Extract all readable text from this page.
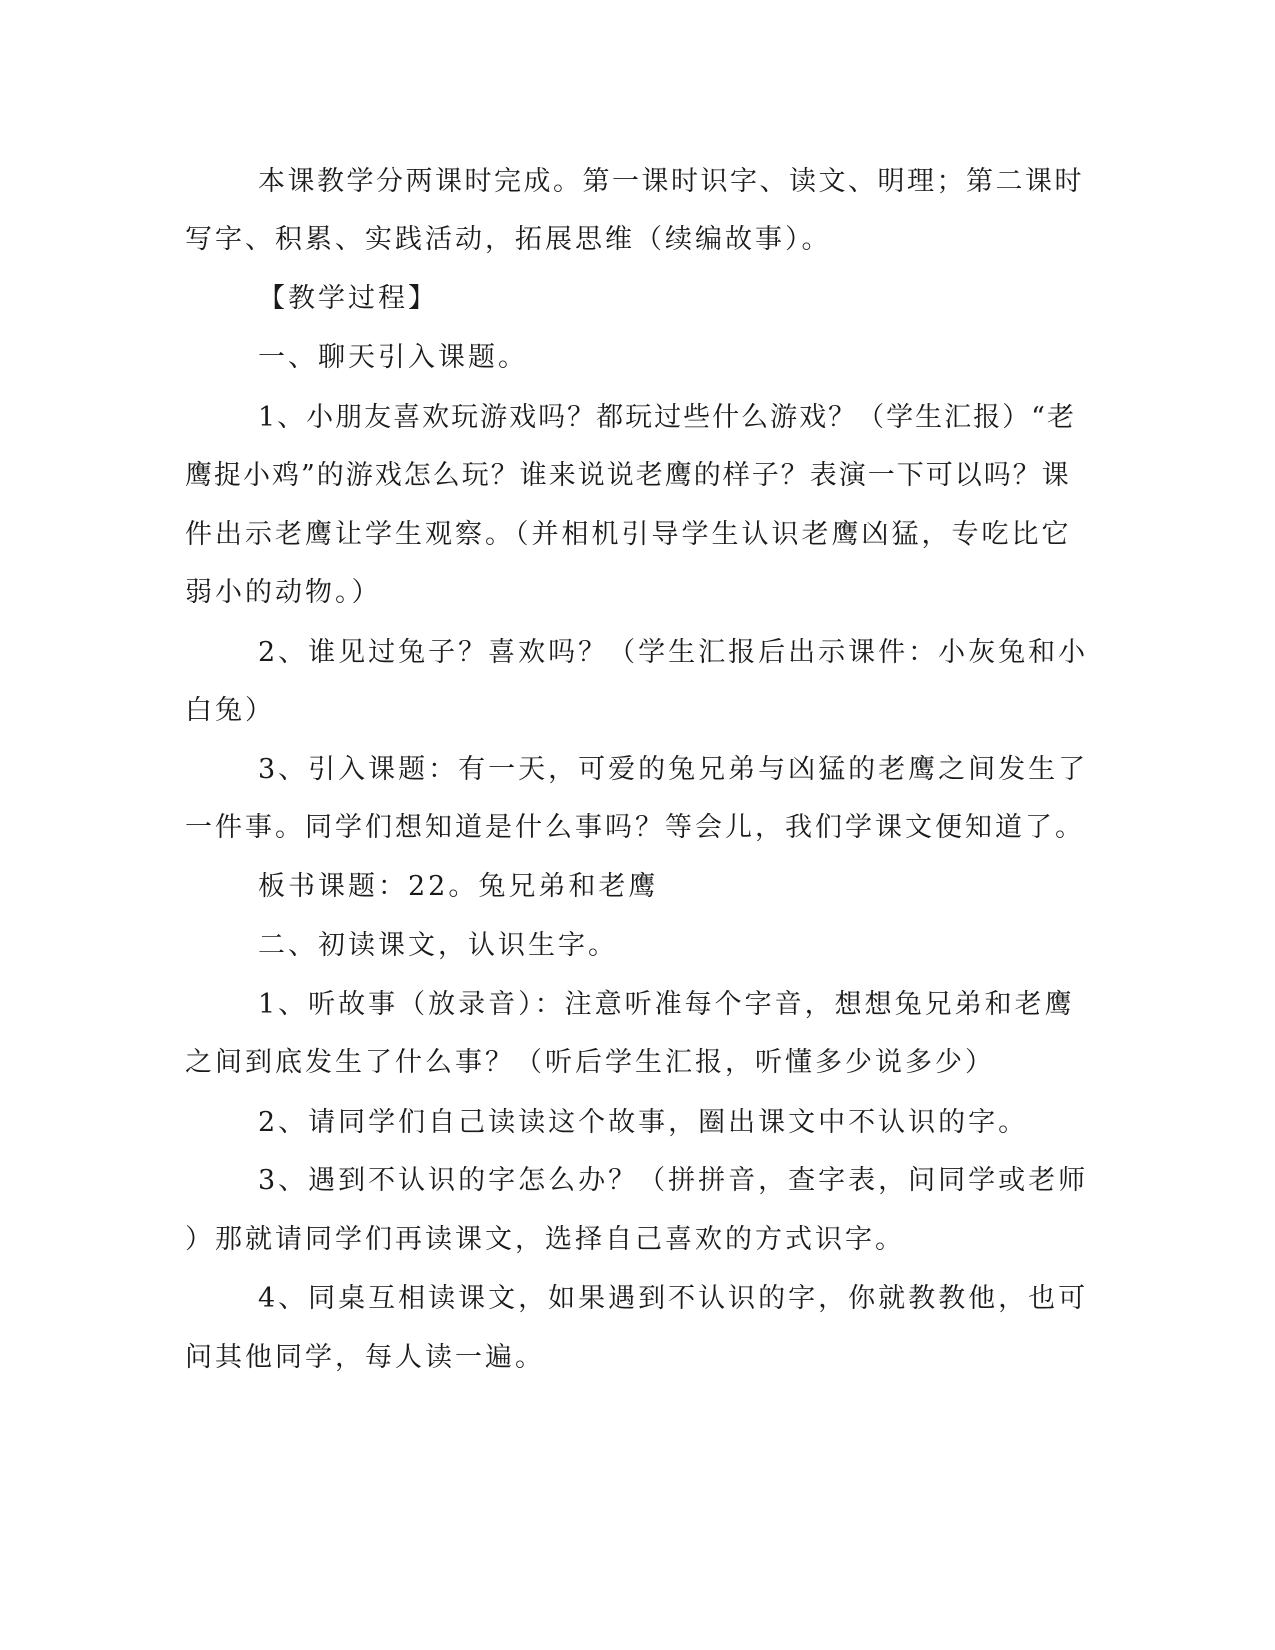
本课教学分两课时完成。第一课时识字、读文、明理；第二课时
写字、积累、实践活动，拓展思维（续编故事）。
【教学过程】
一、聊天引入课题。
1、小朋友喜欢玩游戏吗？都玩过些什么游戏？（学生汇报）“老
鹰捉小鸡”的游戏怎么玩？谁来说说老鹰的样子？表演一下可以吗？课
件出示老鹰让学生观察。（并相机引导学生认识老鹰凶猛，专吃比它
弱小的动物。）
2、谁见过兔子？喜欢吗？（学生汇报后出示课件：小灰兔和小
白兔）
3、引入课题：有一天，可爱的兔兄弟与凶猛的老鹰之间发生了
一件事。同学们想知道是什么事吗？等会儿，我们学课文便知道了。
板书课题：22。兔兄弟和老鹰
二、初读课文，认识生字。
1、听故事（放录音）：注意听准每个字音，想想兔兄弟和老鹰
之间到底发生了什么事？（听后学生汇报，听懂多少说多少）
2、请同学们自己读读这个故事，圈出课文中不认识的字。
3、遇到不认识的字怎么办？（拼拼音，查字表，问同学或老师
）那就请同学们再读课文，选择自己喜欢的方式识字。
4、同桌互相读课文，如果遇到不认识的字，你就教教他，也可
问其他同学，每人读一遍。
